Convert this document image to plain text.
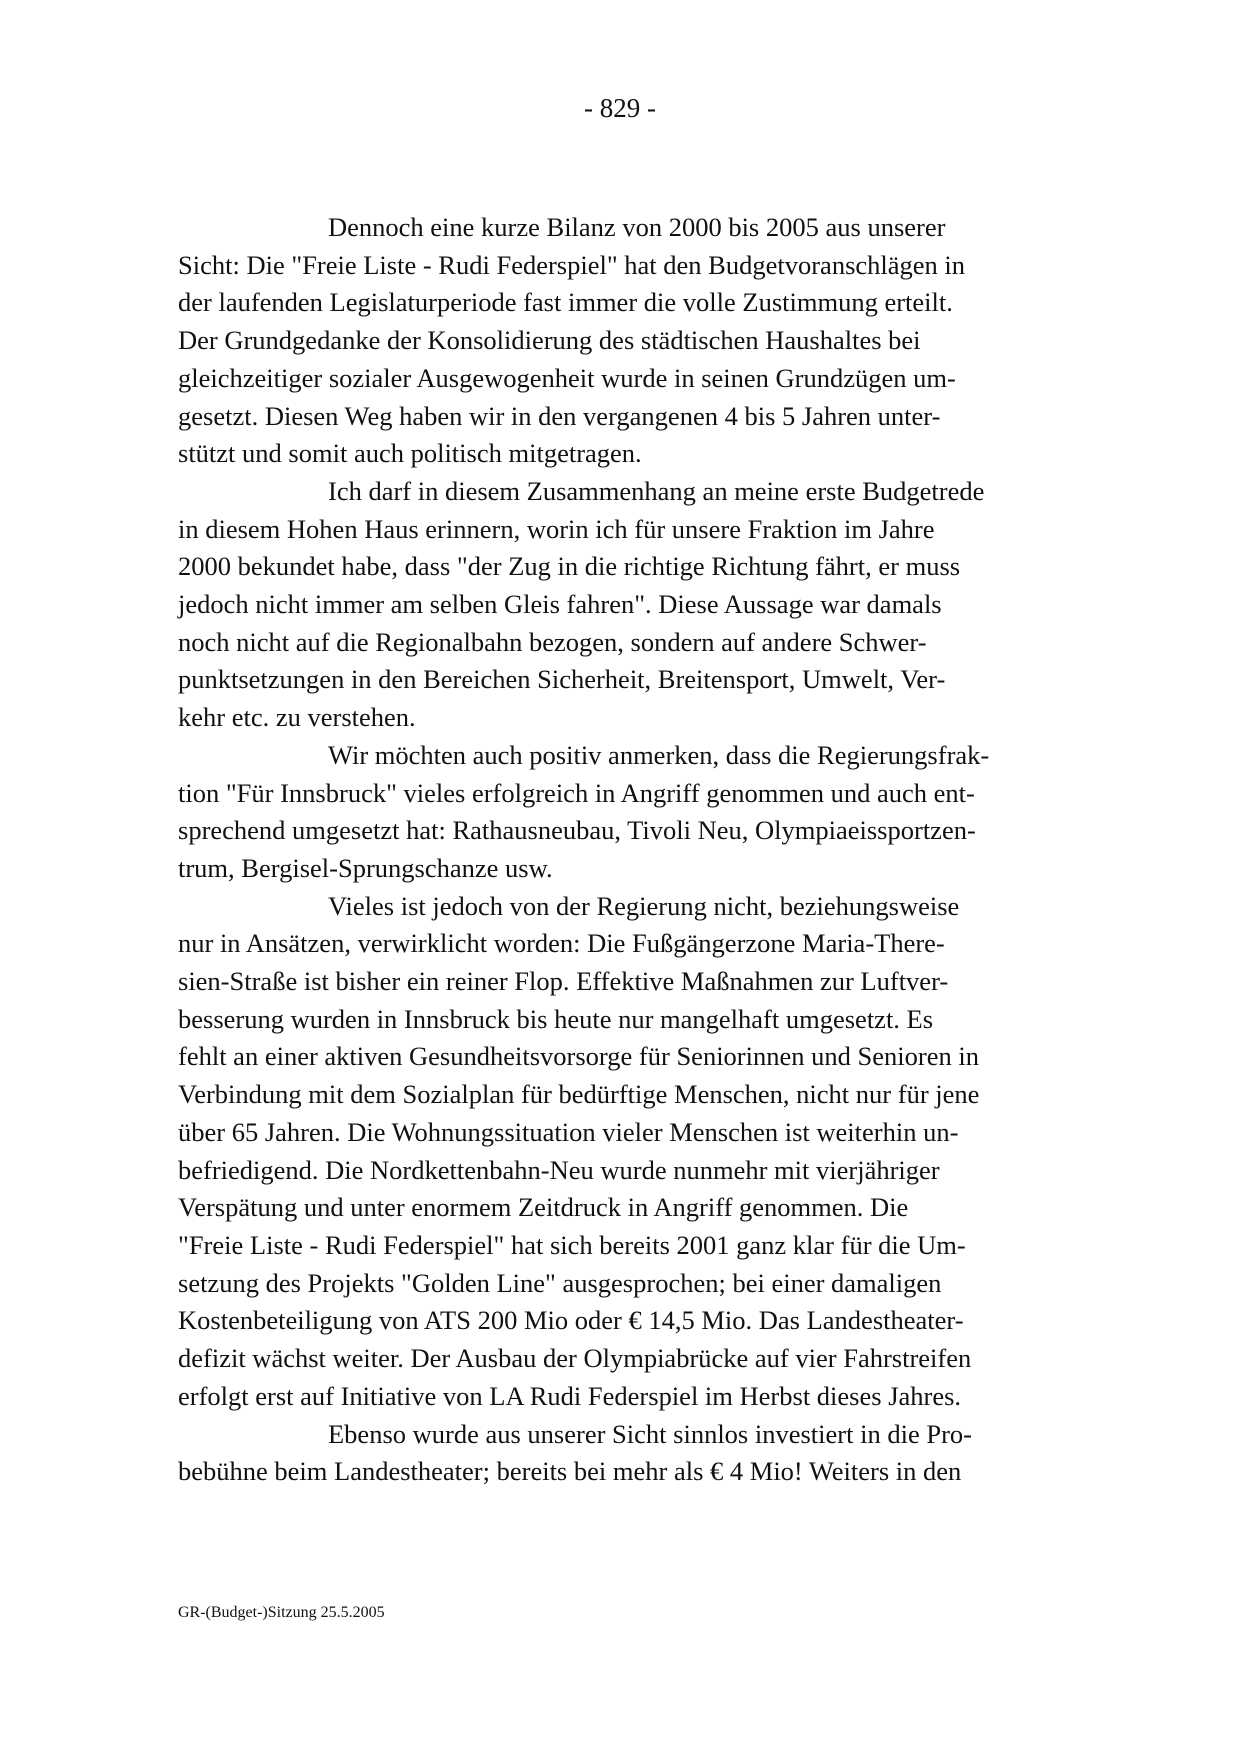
- 829 -

Dennoch eine kurze Bilanz von 2000 bis 2005 aus unserer
Sicht: Die "Freie Liste - Rudi Federspiel" hat den Budgetvoranschlägen in
der laufenden Legislaturperiode fast immer die volle Zustimmung erteilt.
Der Grundgedanke der Konsolidierung des städtischen Haushaltes bei
gleichzeitiger sozialer Ausgewogenheit wurde in seinen Grundzügen um-
gesetzt. Diesen Weg haben wir in den vergangenen 4 bis 5 Jahren unter-
stützt und somit auch politisch mitgetragen.

Ich darf in diesem Zusammenhang an meine erste Budgetrede
in diesem Hohen Haus erinnern, worin ich für unsere Fraktion im Jahre
2000 bekundet habe, dass "der Zug in die richtige Richtung fährt, er muss
jedoch nicht immer am selben Gleis fahren". Diese Aussage war damals
noch nicht auf die Regionalbahn bezogen, sondern auf andere Schwer-
punktsetzungen in den Bereichen Sicherheit, Breitensport, Umwelt, Ver-
kehr etc. zu verstehen.

Wir möchten auch positiv anmerken, dass die Regierungsfrak-
tion "Für Innsbruck" vieles erfolgreich in Angriff genommen und auch ent-
sprechend umgesetzt hat: Rathausneubau, Tivoli Neu, Olympiaeissportzen-
trum, Bergisel-Sprungschanze usw.

Vieles ist jedoch von der Regierung nicht, beziehungsweise
nur in Ansätzen, verwirklicht worden: Die Fußgängerzone Maria-There-
sien-Straße ist bisher ein reiner Flop. Effektive Maßnahmen zur Luftver-
besserung wurden in Innsbruck bis heute nur mangelhaft umgesetzt. Es
fehlt an einer aktiven Gesundheitsvorsorge für Seniorinnen und Senioren in
Verbindung mit dem Sozialplan für bedürftige Menschen, nicht nur für jene
über 65 Jahren. Die Wohnungssituation vieler Menschen ist weiterhin un-
befriedigend. Die Nordkettenbahn-Neu wurde nunmehr mit vierjähriger
Verspätung und unter enormem Zeitdruck in Angriff genommen. Die
"Freie Liste - Rudi Federspiel" hat sich bereits 2001 ganz klar für die Um-
setzung des Projekts "Golden Line" ausgesprochen; bei einer damaligen
Kostenbeteiligung von ATS 200 Mio oder € 14,5 Mio. Das Landestheater-
defizit wächst weiter. Der Ausbau der Olympiabrücke auf vier Fahrstreifen
erfolgt erst auf Initiative von LA Rudi Federspiel im Herbst dieses Jahres.

Ebenso wurde aus unserer Sicht sinnlos investiert in die Pro-
bebühne beim Landestheater; bereits bei mehr als € 4 Mio! Weiters in den

GR-(Budget-)Sitzung 25.5.2005
